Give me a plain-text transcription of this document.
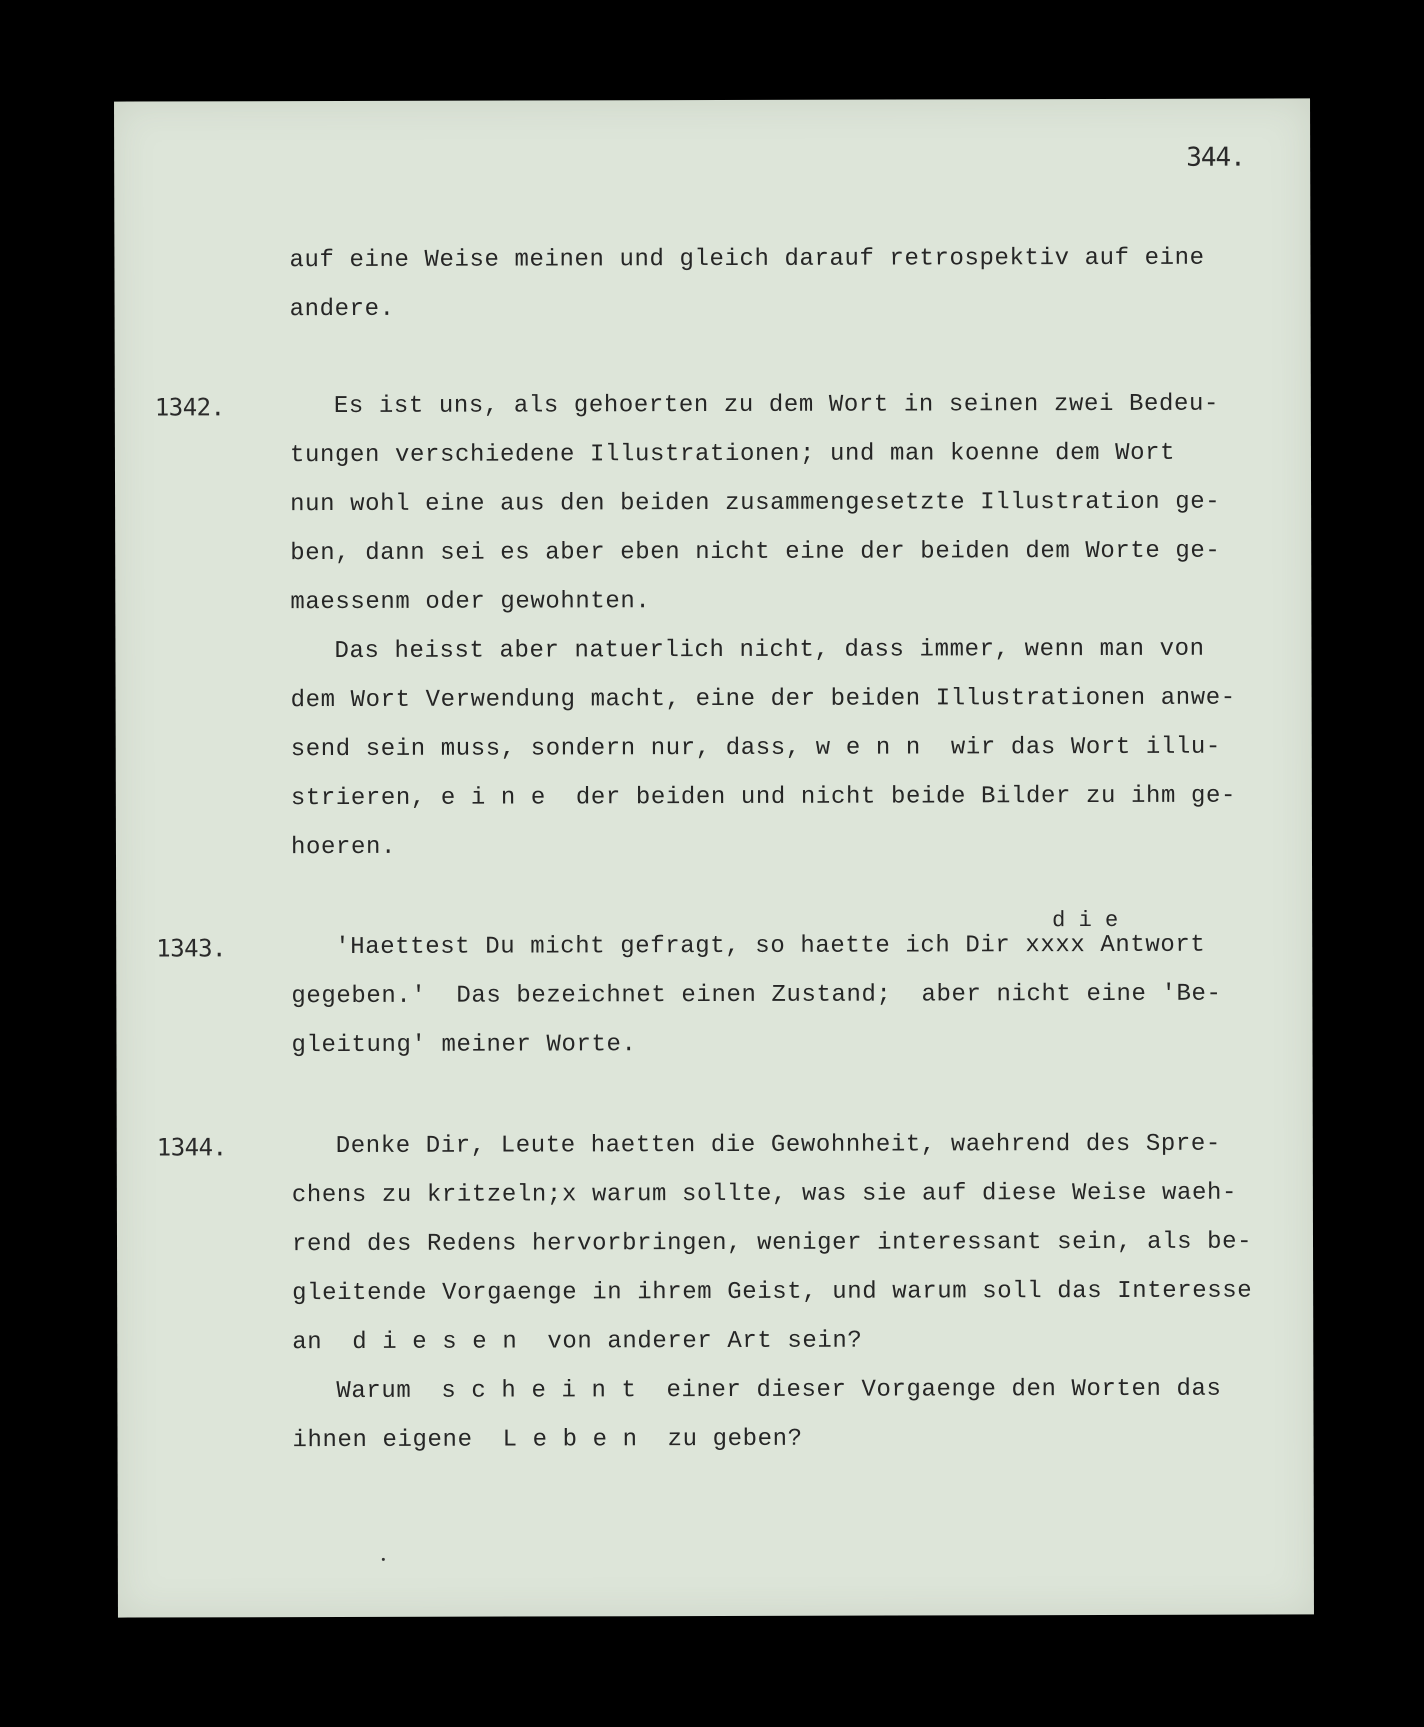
344.
auf eine Weise meinen und gleich darauf retrospektiv auf eine
andere.
1342.	Es ist uns, als gehoerten zu dem Wort in seinen zwei Bedeu-
tungen verschiedene Illustrationen; und man koenne dem Wort
nun wohl eine aus den beiden zusammengesetzte Illustration ge-
ben, dann sei es aber eben nicht eine der beiden dem Worte ge-
maessenm oder gewohnten.
Das heisst aber natuerlich nicht, dass immer, wenn man von
dem Wort Verwendung macht, eine der beiden Illustrationen anwe-
send sein muss, sondern nur, dass, w e n n  wir das Wort illu-
strieren, e i n e  der beiden und nicht beide Bilder zu ihm ge-
hoeren.
d i e
1343.	'Haettest Du micht gefragt, so haette ich Dir xxxx Antwort
gegeben.'  Das bezeichnet einen Zustand;  aber nicht eine 'Be-
gleitung' meiner Worte.
1344.	Denke Dir, Leute haetten die Gewohnheit, waehrend des Spre-
chens zu kritzeln;x warum sollte, was sie auf diese Weise waeh-
rend des Redens hervorbringen, weniger interessant sein, als be-
gleitende Vorgaenge in ihrem Geist, und warum soll das Interesse
an  d i e s e n  von anderer Art sein?
Warum  s c h e i n t  einer dieser Vorgaenge den Worten das
ihnen eigene  L e b e n  zu geben?
